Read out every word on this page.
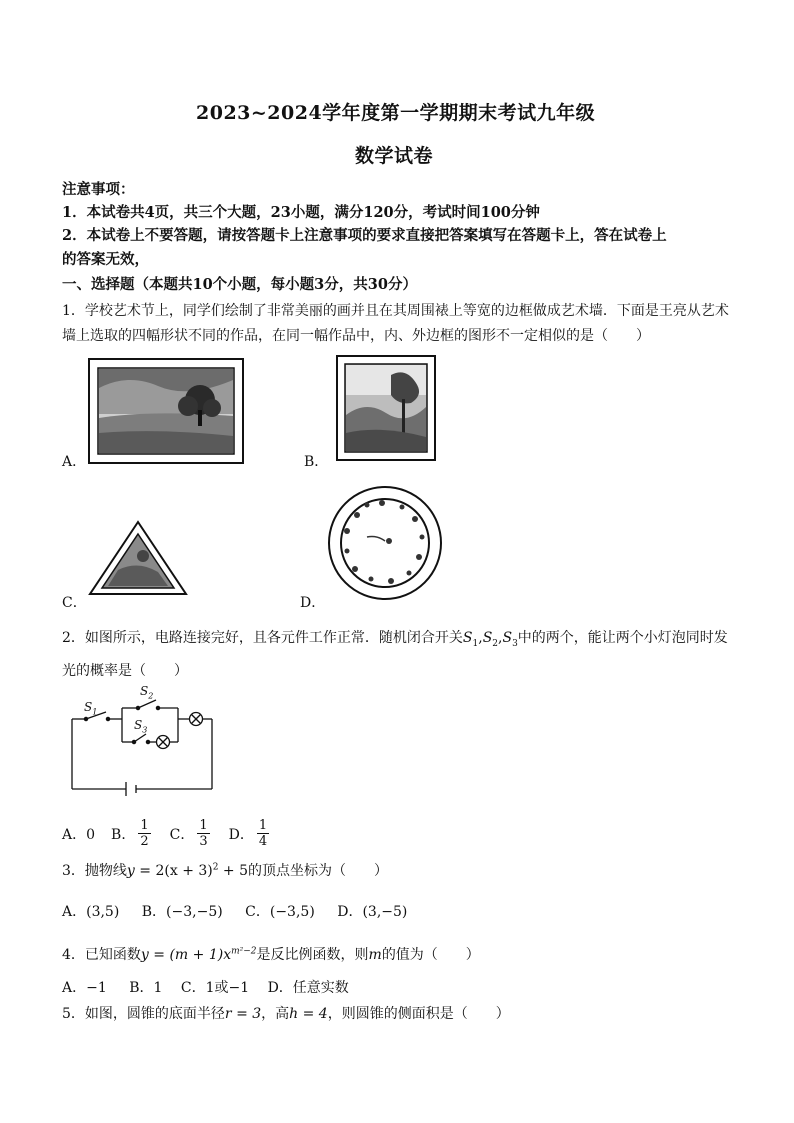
2023~2024学年度第一学期期末考试九年级
数学试卷
注意事项：
1．本试卷共4页，共三个大题，23小题，满分120分，考试时间100分钟
2．本试卷上不要答题，请按答题卡上注意事项的要求直接把答案填写在答题卡上，答在试卷上
的答案无效，
一、选择题（本题共10个小题，每小题3分，共30分）
1．学校艺术节上，同学们绘制了非常美丽的画并且在其周围裱上等宽的边框做成艺术墙．下面是王亮从艺术
墙上选取的四幅形状不同的作品，在同一幅作品中，内、外边框的图形不一定相似的是（　　）
A．	B．
C．	D．
2．如图所示，电路连接完好，且各元件工作正常．随机闭合开关$S_1,S_2,S_3$中的两个，能让两个小灯泡同时发
光的概率是（　　）
$S_1$
$S_2$
$S_3$
A．0 B． $\frac{1}{2}$ C． $\frac{1}{3}$ D． $\frac{1}{4}$
3．抛物线$y = 2(x + 3)^2 + 5$的顶点坐标为（　　）
A．(3,5) B．(−3,−5) C．(−3,5) D．(3,−5)
4．已知函数$y = (m + 1)x^{m^2-2}$是反比例函数，则m的值为（　　）
A．−1 B．1 C．1或−1 D．任意实数
5．如图，圆锥的底面半径r = 3，高h = 4，则圆锥的侧面积是（　　）
